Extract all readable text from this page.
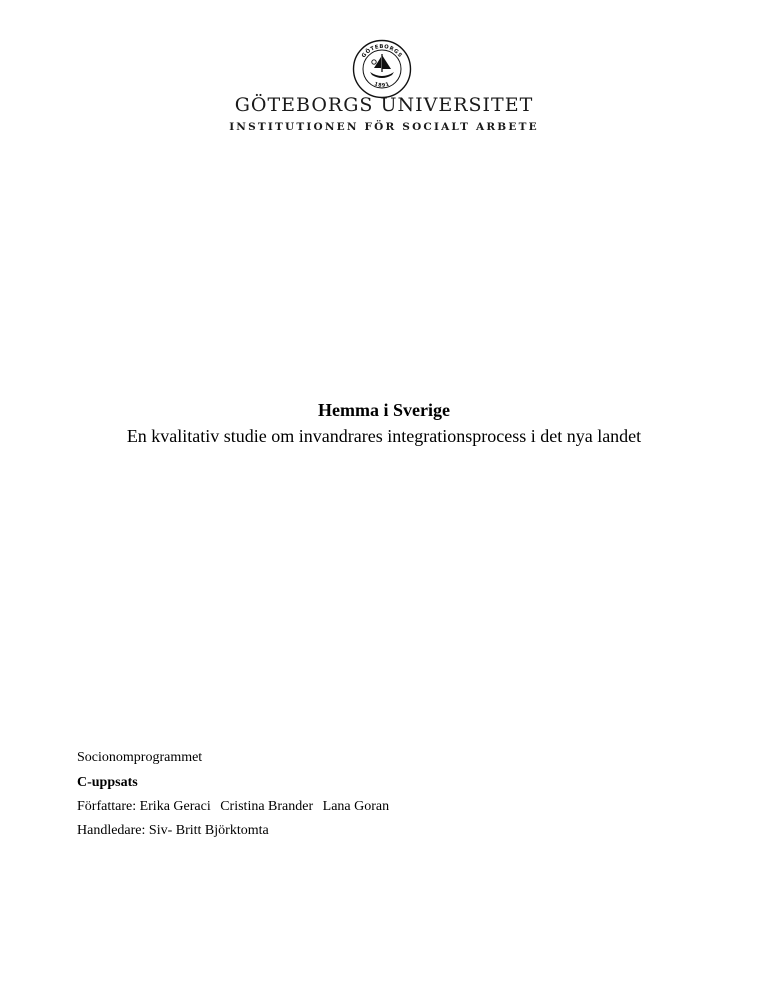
GÖTEBORGS
1891
GÖTEBORGS UNIVERSITET
INSTITUTIONEN FÖR SOCIALT ARBETE
Hemma i Sverige
En kvalitativ studie om invandrares integrationsprocess i det nya landet
Socionomprogrammet
C-uppsats
Författare: Erika Geraci Cristina Brander Lana Goran
Handledare: Siv- Britt Björktomta
